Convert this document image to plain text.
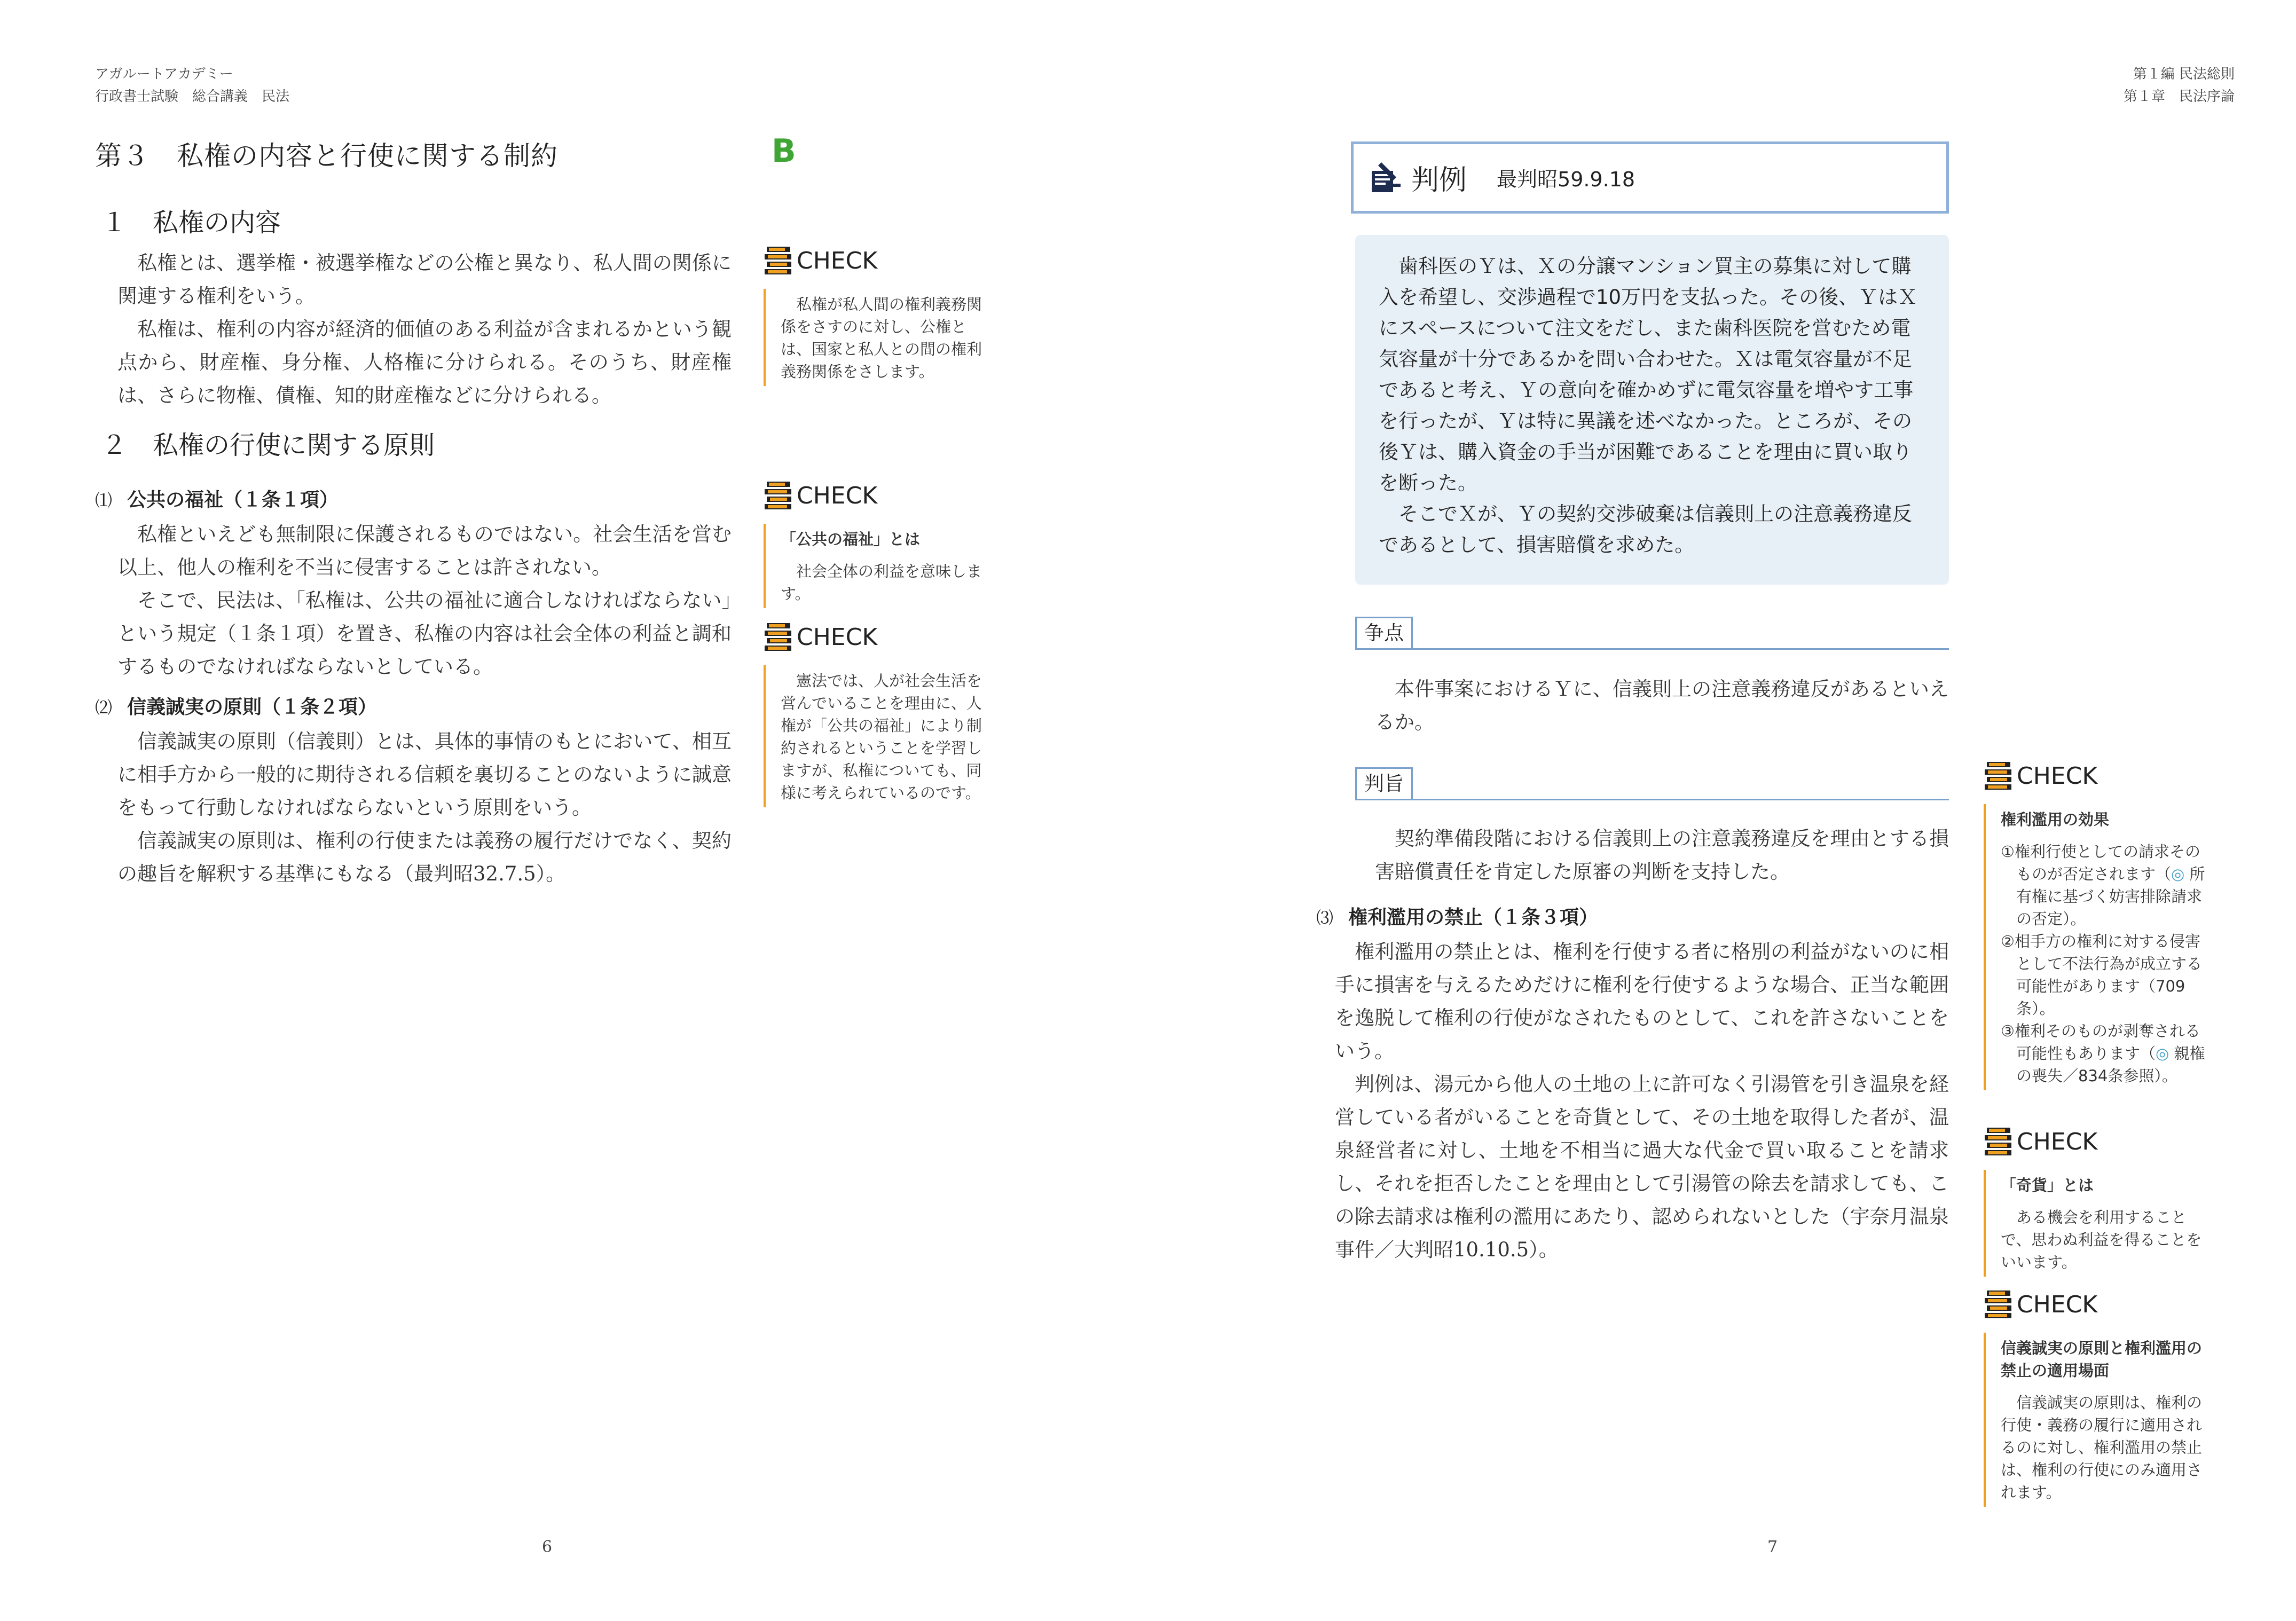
アガルートアカデミー
行政書士試験　総合講義　民法
第１編 民法総則
第１章　民法序論
第３　私権の内容と行使に関する制約	B
１　私権の内容

私権とは、選挙権・被選挙権などの公権と異なり、私人間の関係に関連する権利をいう。

私権は、権利の内容が経済的価値のある利益が含まれるかという観点から、財産権、身分権、人格権に分けられる。そのうち、財産権は、さらに物権、債権、知的財産権などに分けられる。

２　私権の行使に関する原則
⑴ 公共の福祉（１条１項）

私権といえども無制限に保護されるものではない。社会生活を営む以上、他人の権利を不当に侵害することは許されない。

そこで、民法は、「私権は、公共の福祉に適合しなければならない」という規定（１条１項）を置き、私権の内容は社会全体の利益と調和するものでなければならないとしている。

⑵ 信義誠実の原則（１条２項）

信義誠実の原則（信義則）とは、具体的事情のもとにおいて、相互に相手方から一般的に期待される信頼を裏切ることのないように誠意をもって行動しなければならないという原則をいう。

信義誠実の原則は、権利の行使または義務の履行だけでなく、契約の趣旨を解釈する基準にもなる（最判昭32.7.5）。

CHECK

私権が私人間の権利義務関係をさすのに対し、公権とは、国家と私人との間の権利義務関係をさします。

CHECK
「公共の福祉」とは

社会全体の利益を意味します。

CHECK

憲法では、人が社会生活を営んでいることを理由に、人権が「公共の福祉」により制約されるということを学習しますが、私権についても、同様に考えられているのです。

6
判例 最判昭59.9.18

歯科医のＹは、Ｘの分譲マンション買主の募集に対して購入を希望し、交渉過程で10万円を支払った。その後、ＹはＸにスペースについて注文をだし、また歯科医院を営むため電気容量が十分であるかを問い合わせた。Ｘは電気容量が不足であると考え、Ｙの意向を確かめずに電気容量を増やす工事を行ったが、Ｙは特に異議を述べなかった。ところが、その後Ｙは、購入資金の手当が困難であることを理由に買い取りを断った。

そこでＸが、Ｙの契約交渉破棄は信義則上の注意義務違反であるとして、損害賠償を求めた。

争点

本件事案におけるＹに、信義則上の注意義務違反があるといえるか。

判旨

契約準備段階における信義則上の注意義務違反を理由とする損害賠償責任を肯定した原審の判断を支持した。

⑶ 権利濫用の禁止（１条３項）

権利濫用の禁止とは、権利を行使する者に格別の利益がないのに相手に損害を与えるためだけに権利を行使するような場合、正当な範囲を逸脱して権利の行使がなされたものとして、これを許さないことをいう。

判例は、湯元から他人の土地の上に許可なく引湯管を引き温泉を経営している者がいることを奇貨として、その土地を取得した者が、温泉経営者に対し、土地を不相当に過大な代金で買い取ることを請求し、それを拒否したことを理由として引湯管の除去を請求しても、この除去請求は権利の濫用にあたり、認められないとした（宇奈月温泉事件／大判昭10.10.5）。

CHECK
権利濫用の効果
①権利行使としての請求そのものが否定されます（◎ 所有権に基づく妨害排除請求の否定）。
②相手方の権利に対する侵害として不法行為が成立する可能性があります（709条）。
③権利そのものが剥奪される可能性もあります（◎ 親権の喪失／834条参照）。
CHECK
「奇貨」とは

ある機会を利用することで、思わぬ利益を得ることをいいます。

CHECK
信義誠実の原則と権利濫用の禁止の適用場面

信義誠実の原則は、権利の行使・義務の履行に適用されるのに対し、権利濫用の禁止は、権利の行使にのみ適用されます。

7
